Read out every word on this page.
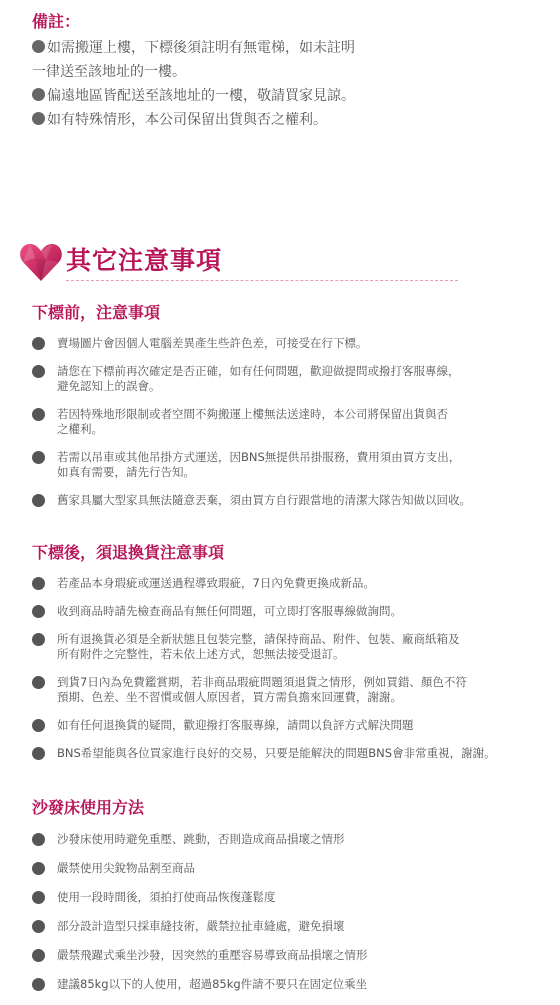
備註：
如需搬運上樓，下標後須註明有無電梯，如未註明
一律送至該地址的一樓。
偏遠地區皆配送至該地址的一樓，敬請買家見諒。
如有特殊情形，本公司保留出貨與否之權利。
其它注意事項
下標前，注意事項
賣場圖片會因個人電腦差異產生些許色差，可接受在行下標。
請您在下標前再次確定是否正確，如有任何問題，歡迎做提問或撥打客服專線，
避免認知上的誤會。
若因特殊地形限制或者空間不夠搬運上樓無法送達時，本公司將保留出貨與否
之權利。
若需以吊車或其他吊掛方式運送，因BNS無提供吊掛服務，費用須由買方支出，
如真有需要，請先行告知。
舊家具屬大型家具無法隨意丟棄，須由買方自行跟當地的清潔大隊告知做以回收。
下標後，須退換貨注意事項
若產品本身瑕疵或運送過程導致瑕疵，7日內免費更換成新品。
收到商品時請先檢查商品有無任何問題，可立即打客服專線做詢問。
所有退換貨必須是全新狀態且包裝完整，請保持商品、附件、包裝、廠商紙箱及
所有附件之完整性，若未依上述方式，恕無法接受退訂。
到貨7日內為免費鑑賞期，若非商品瑕疵問題須退貨之情形，例如買錯、顏色不符
預期、色差、坐不習慣或個人原因者，買方需負擔來回運費，謝謝。
如有任何退換貨的疑問，歡迎撥打客服專線，請問以負評方式解決問題
BNS希望能與各位買家進行良好的交易，只要是能解決的問題BNS會非常重視，謝謝。
沙發床使用方法
沙發床使用時避免重壓、跳動，否則造成商品損壞之情形
嚴禁使用尖銳物品割至商品
使用一段時間後，須拍打使商品恢復蓬鬆度
部分設計造型只採車縫技術，嚴禁拉扯車縫處，避免損壞
嚴禁飛躍式乘坐沙發，因突然的重壓容易導致商品損壞之情形
建議85kg以下的人使用，超過85kg件請不要只在固定位乘坐
